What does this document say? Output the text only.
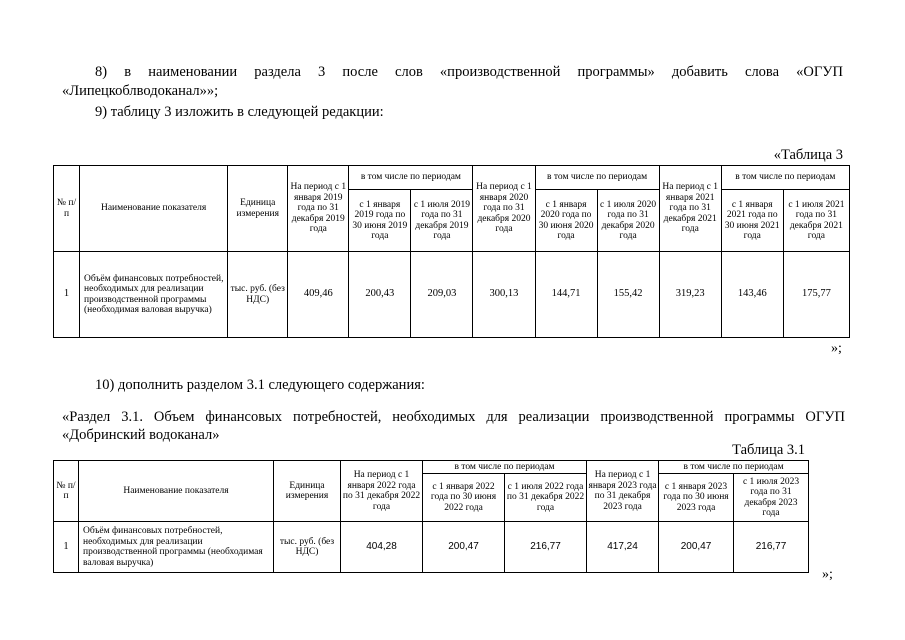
8) в наименовании раздела 3 после слов «производственной программы» добавить слова «ОГУП

«Липецкоблводоканал»»;

9) таблицу 3 изложить в следующей редакции:

«Таблица 3
№ п/п	Наименование показателя	Единица измерения	На период с 1 января 2019 года по 31 декабря 2019 года	в том числе по периодам		На период с 1 января 2020 года по 31 декабря 2020 года	в том числе по периодам		На период с 1 января 2021 года по 31 декабря 2021 года	в том числе по периодам	
				с 1 января 2019 года по 30 июня 2019 года	с 1 июля 2019 года по 31 декабря 2019 года		с 1 января 2020 года по 30 июня 2020 года	с 1 июля 2020 года по 31 декабря 2020 года		с 1 января 2021 года по 30 июня 2021 года	с 1 июля 2021 года по 31 декабря 2021 года
1	Объём финансовых потребностей, необходимых для реализации производственной программы (необходимая валовая выручка)	тыс. руб. (без НДС)	409,46	200,43	209,03	300,13	144,71	155,42	319,23	143,46	175,77
»;

10) дополнить разделом 3.1 следующего содержания:

«Раздел 3.1. Объем финансовых потребностей, необходимых для реализации производственной программы ОГУП

«Добринский водоканал»

Таблица 3.1
№ п/п	Наименование показателя	Единица измерения	На период с 1 января 2022 года по 31 декабря 2022 года	в том числе по периодам		На период с 1 января 2023 года по 31 декабря 2023 года	в том числе по периодам	
				с 1 января 2022 года по 30 июня 2022 года	с 1 июля 2022 года по 31 декабря 2022 года		с 1 января 2023 года по 30 июня 2023 года	с 1 июля 2023 года по 31 декабря 2023 года
1	Объём финансовых потребностей, необходимых для реализации производственной программы (необходимая валовая выручка)	тыс. руб. (без НДС)	404,28	200,47	216,77	417,24	200,47	216,77
»;
